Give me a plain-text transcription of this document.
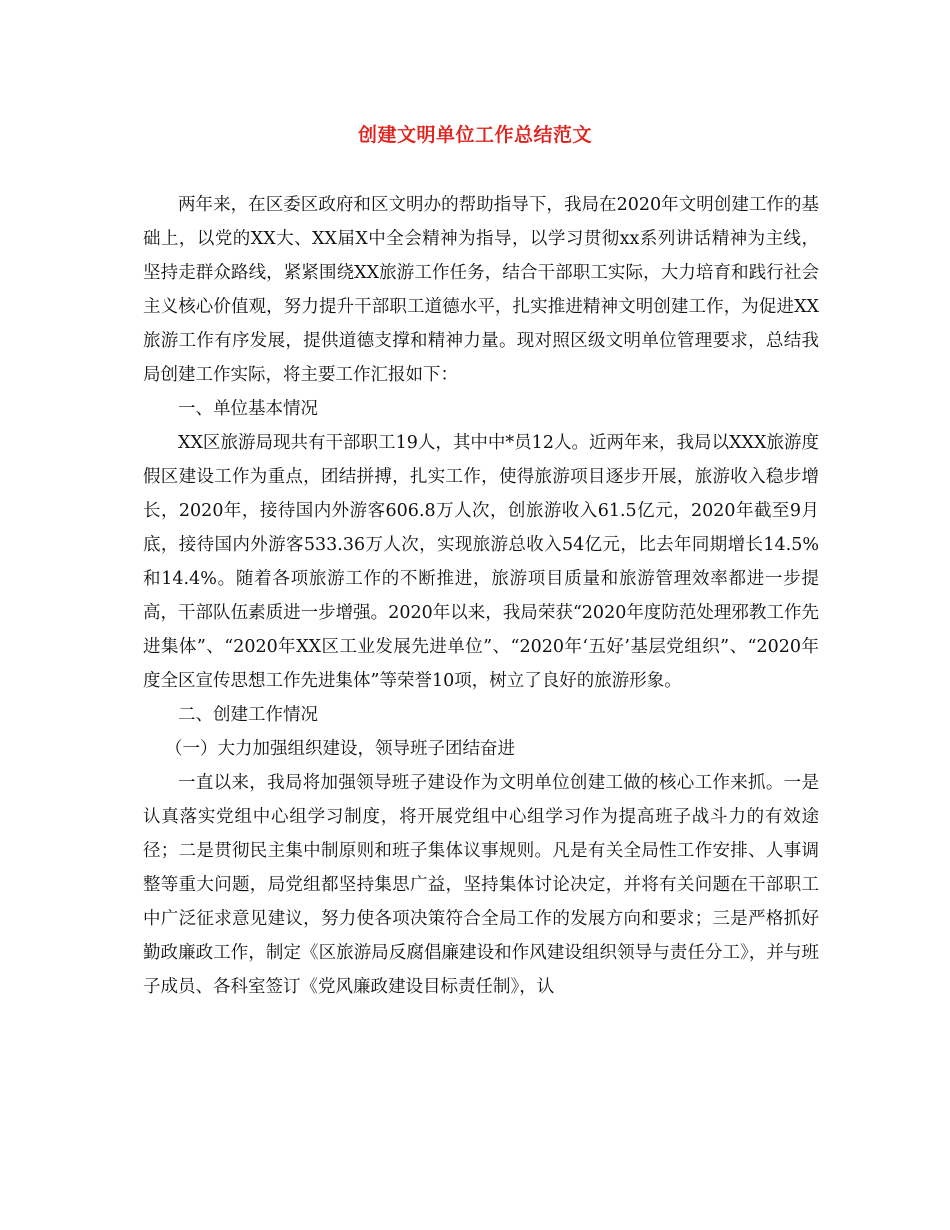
创建文明单位工作总结范文

两年来，在区委区政府和区文明办的帮助指导下，我局在2020年文明创建工作的基础上，以党的XX大、XX届X中全会精神为指导，以学习贯彻xx系列讲话精神为主线，坚持走群众路线，紧紧围绕XX旅游工作任务，结合干部职工实际，大力培育和践行社会主义核心价值观，努力提升干部职工道德水平，扎实推进精神文明创建工作，为促进XX旅游工作有序发展，提供道德支撑和精神力量。现对照区级文明单位管理要求，总结我局创建工作实际，将主要工作汇报如下：

一、单位基本情况

XX区旅游局现共有干部职工19人，其中中*员12人。近两年来，我局以XXX旅游度假区建设工作为重点，团结拼搏，扎实工作，使得旅游项目逐步开展，旅游收入稳步增长，2020年，接待国内外游客606.8万人次，创旅游收入61.5亿元，2020年截至9月底，接待国内外游客533.36万人次，实现旅游总收入54亿元，比去年同期增长14.5%和14.4%。随着各项旅游工作的不断推进，旅游项目质量和旅游管理效率都进一步提高，干部队伍素质进一步增强。2020年以来，我局荣获“2020年度防范处理邪教工作先进集体”、“2020年XX区工业发展先进单位”、“2020年‘五好’基层党组织”、“2020年度全区宣传思想工作先进集体”等荣誉10项，树立了良好的旅游形象。

二、创建工作情况

（一）大力加强组织建设，领导班子团结奋进

一直以来，我局将加强领导班子建设作为文明单位创建工做的核心工作来抓。一是认真落实党组中心组学习制度，将开展党组中心组学习作为提高班子战斗力的有效途径；二是贯彻民主集中制原则和班子集体议事规则。凡是有关全局性工作安排、人事调整等重大问题，局党组都坚持集思广益，坚持集体讨论决定，并将有关问题在干部职工中广泛征求意见建议，努力使各项决策符合全局工作的发展方向和要求；三是严格抓好勤政廉政工作，制定《区旅游局反腐倡廉建设和作风建设组织领导与责任分工》，并与班子成员、各科室签订《党风廉政建设目标责任制》，认
